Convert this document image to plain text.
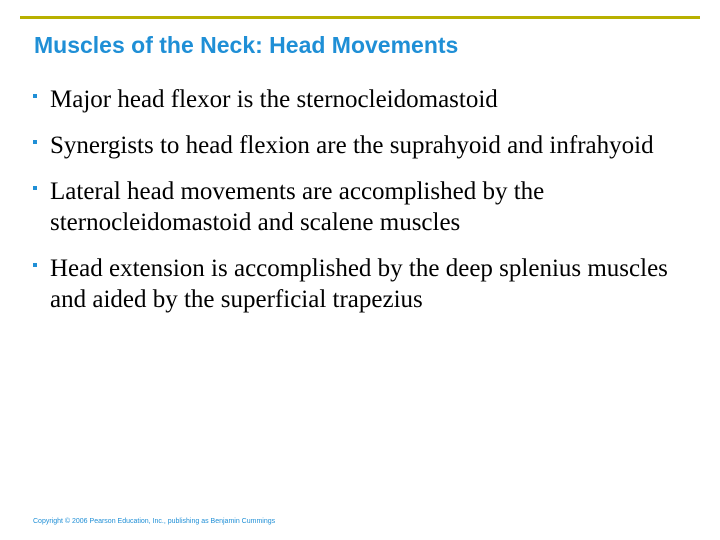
Muscles of the Neck: Head Movements
Major head flexor is the sternocleidomastoid
Synergists to head flexion are the suprahyoid and infrahyoid
Lateral head movements are accomplished by the sternocleidomastoid and scalene muscles
Head extension is accomplished by the deep splenius muscles and aided by the superficial trapezius

Copyright © 2006 Pearson Education, Inc., publishing as Benjamin Cummings
